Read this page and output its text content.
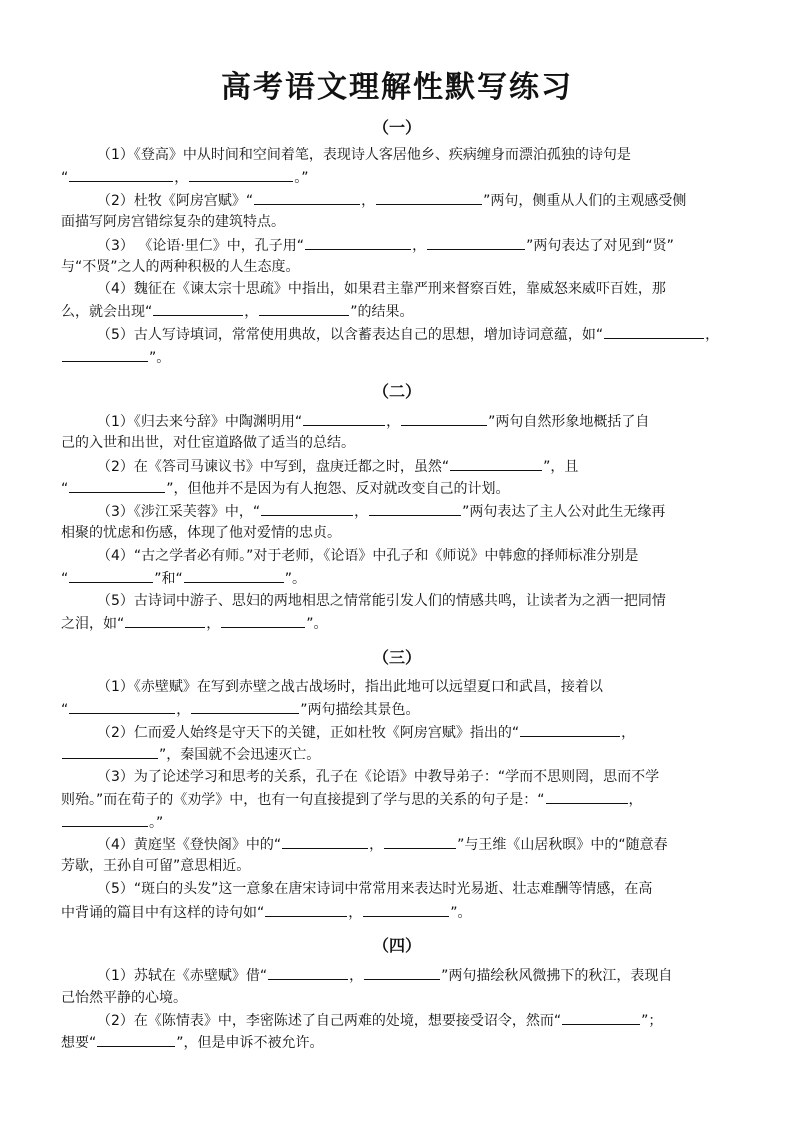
高考语文理解性默写练习
（一）
（1）《登高》中从时间和空间着笔，表现诗人客居他乡、疾病缠身而漂泊孤独的诗句是
“	，	。”
（2）杜牧《阿房宫赋》“	，	”两句，侧重从人们的主观感受侧
面描写阿房宫错综复杂的建筑特点。
（3） 《论语·里仁》中，孔子用“	，	”两句表达了对见到“贤”
与“不贤”之人的两种积极的人生态度。
（4）魏征在《谏太宗十思疏》中指出，如果君主靠严刑来督察百姓，靠威怒来威吓百姓，那
么，就会出现“	，	”的结果。
（5）古人写诗填词，常常使用典故，以含蓄表达自己的思想，增加诗词意蕴，如“	，
”。
（二）
（1）《归去来兮辞》中陶渊明用“	，	”两句自然形象地概括了自
己的入世和出世，对仕宦道路做了适当的总结。
（2）在《答司马谏议书》中写到，盘庚迁都之时，虽然“	”，且
“	”，但他并不是因为有人抱怨、反对就改变自己的计划。
（3）《涉江采芙蓉》中，“	，	”两句表达了主人公对此生无缘再
相聚的忧虑和伤感，体现了他对爱情的忠贞。
（4）“古之学者必有师。”对于老师，《论语》中孔子和《师说》中韩愈的择师标准分别是
“	”和“	”。
（5）古诗词中游子、思妇的两地相思之情常能引发人们的情感共鸣，让读者为之洒一把同情
之泪，如“	，	”。
（三）
（1）《赤壁赋》在写到赤壁之战古战场时，指出此地可以远望夏口和武昌，接着以
“	，	”两句描绘其景色。
（2）仁而爱人始终是守天下的关键，正如杜牧《阿房宫赋》指出的“	，
”，秦国就不会迅速灭亡。
（3）为了论述学习和思考的关系，孔子在《论语》中教导弟子：“学而不思则罔，思而不学
则殆。”而在荀子的《劝学》中，也有一句直接提到了学与思的关系的句子是：“	，
。”
（4）黄庭坚《登快阁》中的“	，	”与王维《山居秋暝》中的“随意春
芳歇，王孙自可留”意思相近。
（5）“斑白的头发”这一意象在唐宋诗词中常常用来表达时光易逝、壮志难酬等情感，在高
中背诵的篇目中有这样的诗句如“	，	”。
（四）
（1）苏轼在《赤壁赋》借“	，	”两句描绘秋风微拂下的秋江，表现自
己怡然平静的心境。
（2）在《陈情表》中，李密陈述了自己两难的处境，想要接受诏令，然而“	”；
想要“	”，但是申诉不被允许。
